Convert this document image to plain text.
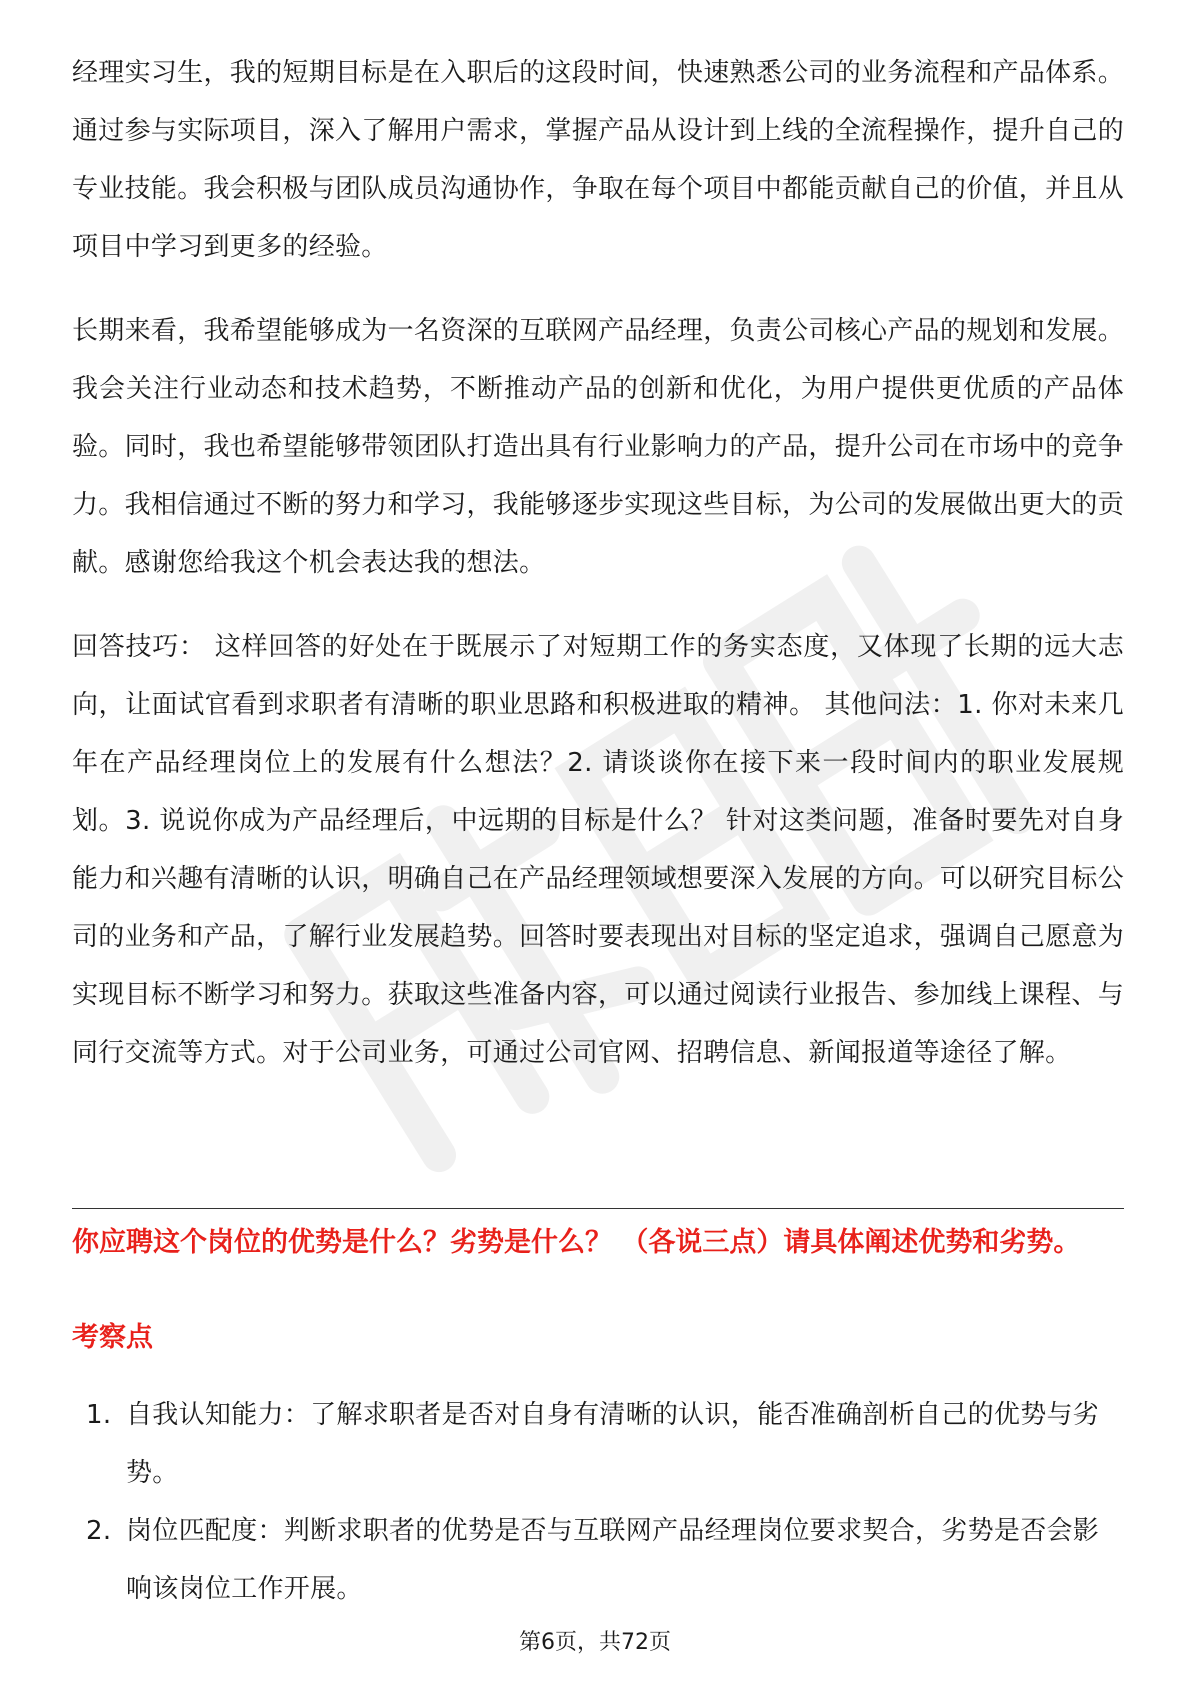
经理实习生，我的短期目标是在入职后的这段时间，快速熟悉公司的业务流程和产品体系。通过参与实际项目，深入了解用户需求，掌握产品从设计到上线的全流程操作，提升自己的专业技能。我会积极与团队成员沟通协作，争取在每个项目中都能贡献自己的价值，并且从项目中学习到更多的经验。

长期来看，我希望能够成为一名资深的互联网产品经理，负责公司核心产品的规划和发展。我会关注行业动态和技术趋势，不断推动产品的创新和优化，为用户提供更优质的产品体验。同时，我也希望能够带领团队打造出具有行业影响力的产品，提升公司在市场中的竞争力。我相信通过不断的努力和学习，我能够逐步实现这些目标，为公司的发展做出更大的贡献。感谢您给我这个机会表达我的想法。

回答技巧： 这样回答的好处在于既展示了对短期工作的务实态度，又体现了长期的远大志向，让面试官看到求职者有清晰的职业思路和积极进取的精神。 其他问法：1. 你对未来几年在产品经理岗位上的发展有什么想法？2. 请谈谈你在接下来一段时间内的职业发展规划。3. 说说你成为产品经理后，中远期的目标是什么？ 针对这类问题，准备时要先对自身能力和兴趣有清晰的认识，明确自己在产品经理领域想要深入发展的方向。可以研究目标公司的业务和产品，了解行业发展趋势。回答时要表现出对目标的坚定追求，强调自己愿意为实现目标不断学习和努力。获取这些准备内容，可以通过阅读行业报告、参加线上课程、与同行交流等方式。对于公司业务，可通过公司官网、招聘信息、新闻报道等途径了解。

你应聘这个岗位的优势是什么？劣势是什么？ （各说三点）请具体阐述优势和劣势。
考察点
1. 自我认知能力：了解求职者是否对自身有清晰的认识，能否准确剖析自己的优势与劣势。
2. 岗位匹配度：判断求职者的优势是否与互联网产品经理岗位要求契合，劣势是否会影响该岗位工作开展。
第6页，共72页
